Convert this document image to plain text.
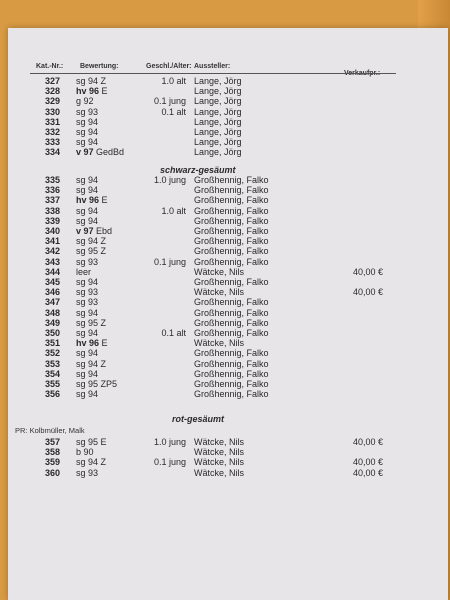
Kat.-Nr.: Bewertung:	Geschl./Alter: Aussteller:
schwarz-gesäumt
rot-gesäumt
PR: Kolbmüller, Malk
327 sg 94 Z	1.0 alt Lange, Jörg
328 hv 96 E	Lange, Jörg
329 g 92	0.1 jung Lange, Jörg
330 sg 93	0.1 alt Lange, Jörg
331 sg 94	Lange, Jörg
332 sg 94	Lange, Jörg
333 sg 94	Lange, Jörg
334 v 97 GedBd	Lange, Jörg
335 sg 94	1.0 jung Großhennig, Falko
336 sg 94	Großhennig, Falko
337 hv 96 E	Großhennig, Falko
338 sg 94	1.0 alt Großhennig, Falko
339 sg 94	Großhennig, Falko
340 v 97 Ebd	Großhennig, Falko
341 sg 94 Z	Großhennig, Falko
342 sg 95 Z	Großhennig, Falko
343 sg 93	0.1 jung Großhennig, Falko
344 leer	Wätcke, Nils	40,00 €
345 sg 94	Großhennig, Falko
346 sg 93	Wätcke, Nils	40,00 €
347 sg 93	Großhennig, Falko
348 sg 94	Großhennig, Falko
349 sg 95 Z	Großhennig, Falko
350 sg 94	0.1 alt Großhennig, Falko
351 hv 96 E	Wätcke, Nils
352 sg 94	Großhennig, Falko
353 sg 94 Z	Großhennig, Falko
354 sg 94	Großhennig, Falko
355 sg 95 ZP5	Großhennig, Falko
356 sg 94	Großhennig, Falko
357 sg 95 E	1.0 jung Wätcke, Nils	40,00 €
358 b 90	Wätcke, Nils
359 sg 94 Z	0.1 jung Wätcke, Nils	40,00 €
360 sg 93	Wätcke, Nils	40,00 €
